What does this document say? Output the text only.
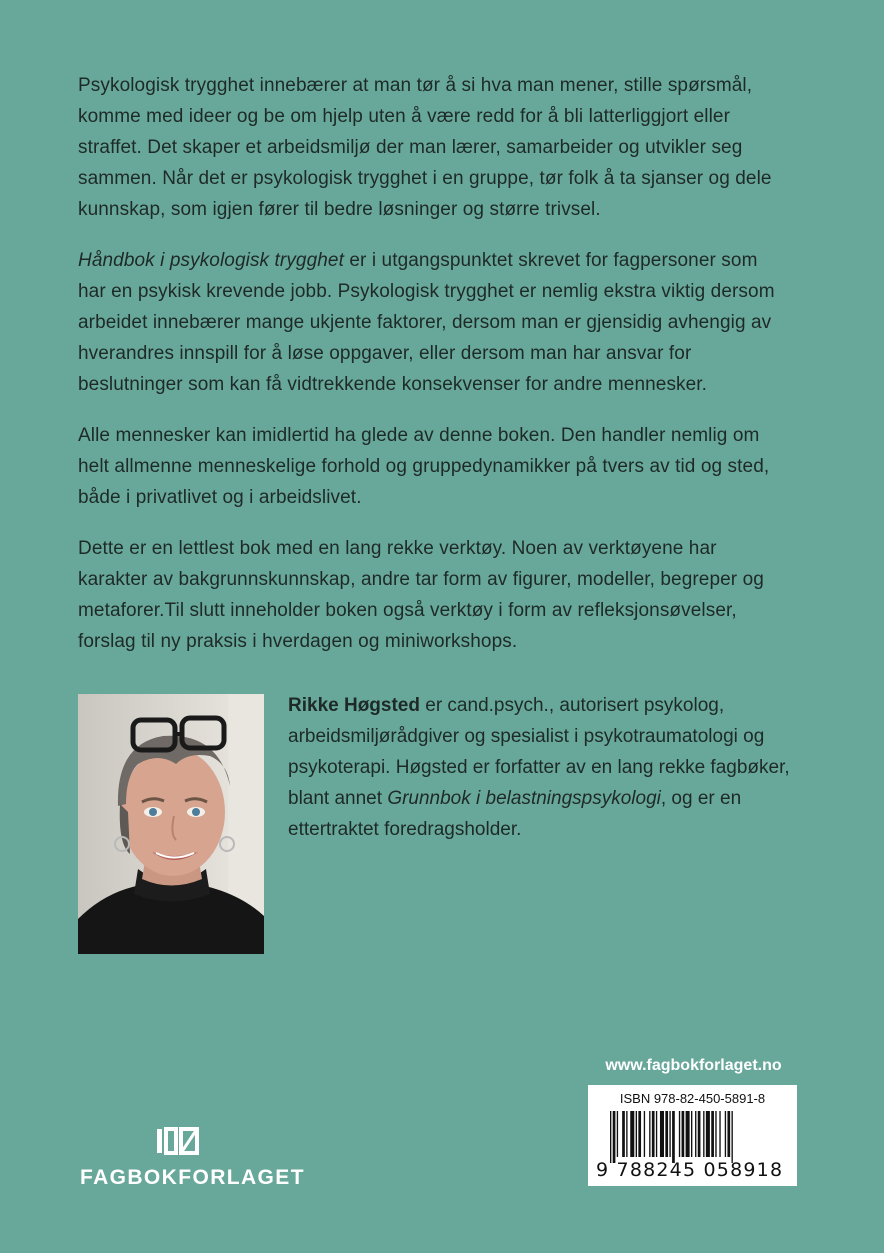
Psykologisk trygghet innebærer at man tør å si hva man mener, stille spørsmål, komme med ideer og be om hjelp uten å være redd for å bli latterliggjort eller straffet. Det skaper et arbeidsmiljø der man lærer, samarbeider og utvikler seg sammen. Når det er psykologisk trygghet i en gruppe, tør folk å ta sjanser og dele kunnskap, som igjen fører til bedre løsninger og større trivsel.

Håndbok i psykologisk trygghet er i utgangspunktet skrevet for fagpersoner som har en psykisk krevende jobb. Psykologisk trygghet er nemlig ekstra viktig dersom arbeidet innebærer mange ukjente faktorer, dersom man er gjensidig avhengig av hverandres innspill for å løse oppgaver, eller dersom man har ansvar for beslutninger som kan få vidtrekkende konsekvenser for andre mennesker.

Alle mennesker kan imidlertid ha glede av denne boken. Den handler nemlig om helt allmenne menneskelige forhold og gruppedynamikker på tvers av tid og sted, både i privatlivet og i arbeidslivet.

Dette er en lettlest bok med en lang rekke verktøy. Noen av verktøyene har karakter av bakgrunnskunnskap, andre tar form av figurer, modeller, begreper og metaforer.Til slutt inneholder boken også verktøy i form av refleksjonsøvelser, forslag til ny praksis i hverdagen og miniworkshops.

Rikke Høgsted er cand.psych., autorisert psykolog, arbeidsmiljørådgiver og spesialist i psykotraumatologi og psykoterapi. Høgsted er forfatter av en lang rekke fagbøker, blant annet Grunnbok i belastningspsykologi, og er en ettertraktet foredragsholder.
www.fagbokforlaget.no
ISBN 978-82-450-5891-8
9 788245 058918
FAGBOKFORLAGET
